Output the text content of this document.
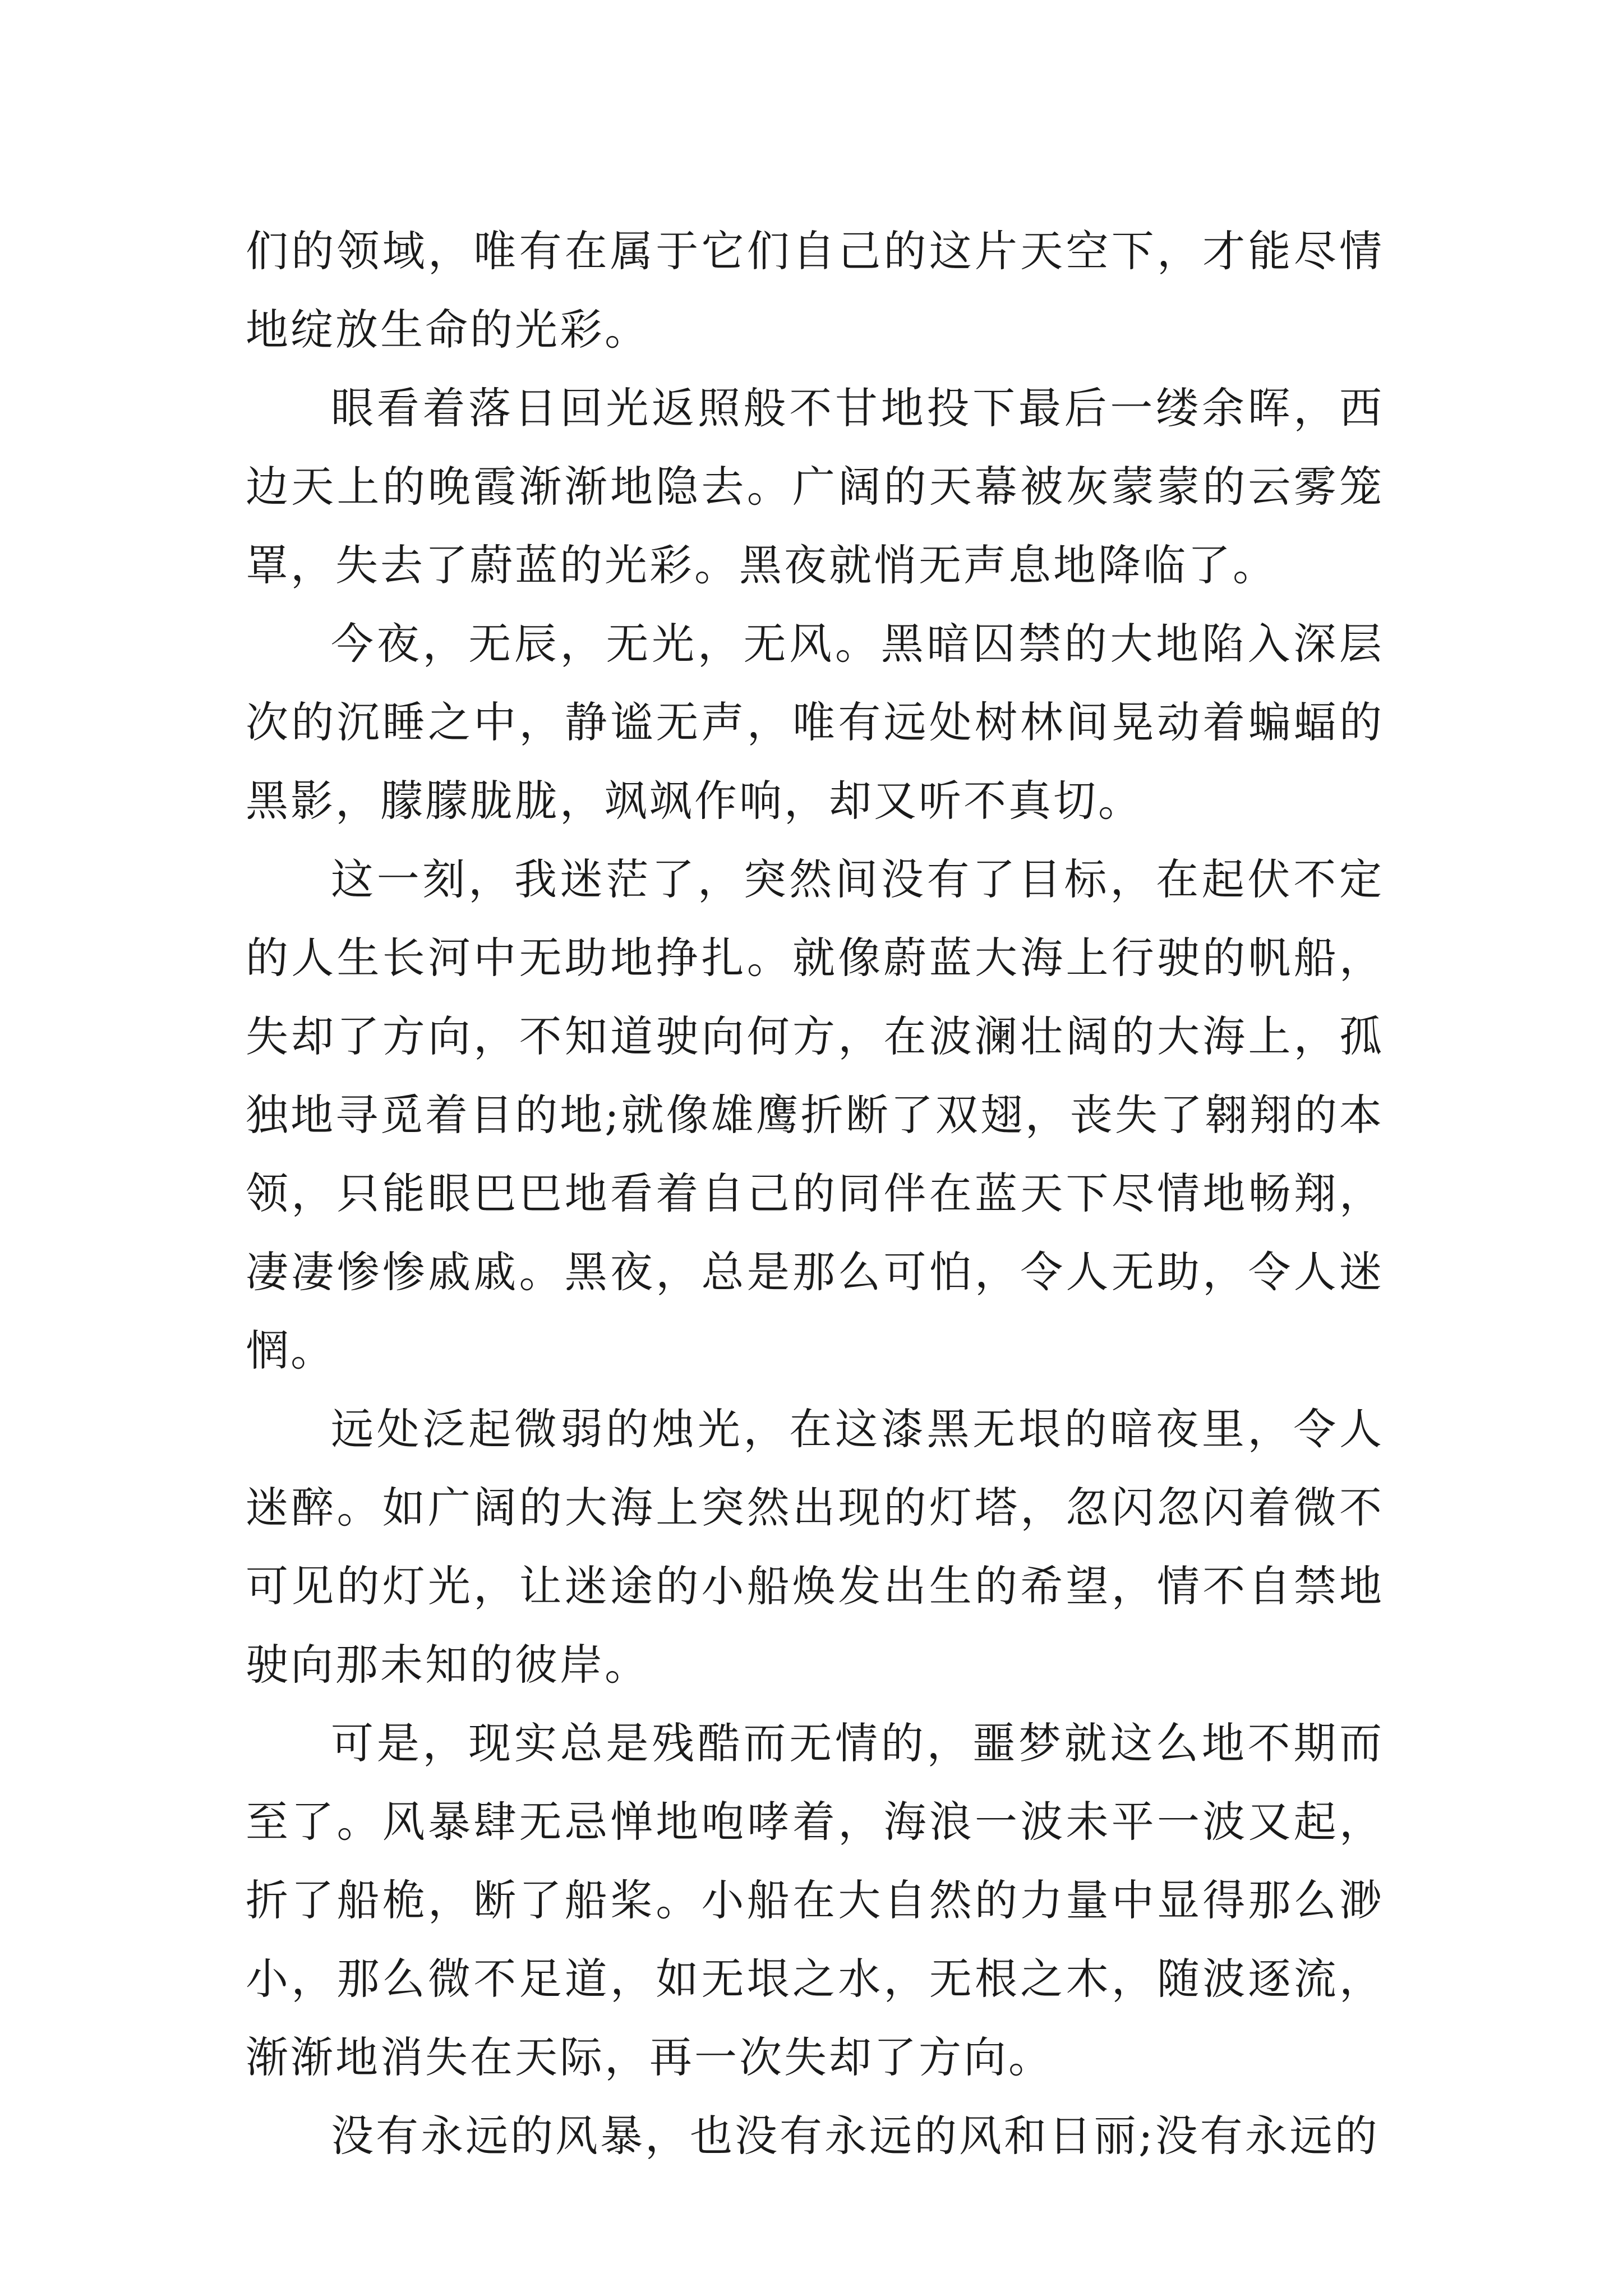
们的领域，唯有在属于它们自己的这片天空下，才能尽情地绽放生命的光彩。

眼看着落日回光返照般不甘地投下最后一缕余晖，西边天上的晚霞渐渐地隐去。广阔的天幕被灰蒙蒙的云雾笼罩，失去了蔚蓝的光彩。黑夜就悄无声息地降临了。

今夜，无辰，无光，无风。黑暗囚禁的大地陷入深层次的沉睡之中，静谧无声，唯有远处树林间晃动着蝙蝠的黑影，朦朦胧胧，飒飒作响，却又听不真切。

这一刻，我迷茫了，突然间没有了目标，在起伏不定的人生长河中无助地挣扎。就像蔚蓝大海上行驶的帆船，失却了方向，不知道驶向何方，在波澜壮阔的大海上，孤独地寻觅着目的地;就像雄鹰折断了双翅，丧失了翱翔的本领，只能眼巴巴地看着自己的同伴在蓝天下尽情地畅翔，凄凄惨惨戚戚。黑夜，总是那么可怕，令人无助，令人迷惘。

远处泛起微弱的烛光，在这漆黑无垠的暗夜里，令人迷醉。如广阔的大海上突然出现的灯塔，忽闪忽闪着微不可见的灯光，让迷途的小船焕发出生的希望，情不自禁地驶向那未知的彼岸。

可是，现实总是残酷而无情的，噩梦就这么地不期而至了。风暴肆无忌惮地咆哮着，海浪一波未平一波又起，折了船桅，断了船桨。小船在大自然的力量中显得那么渺小，那么微不足道，如无垠之水，无根之木，随波逐流，渐渐地消失在天际，再一次失却了方向。

没有永远的风暴，也没有永远的风和日丽;没有永远的
